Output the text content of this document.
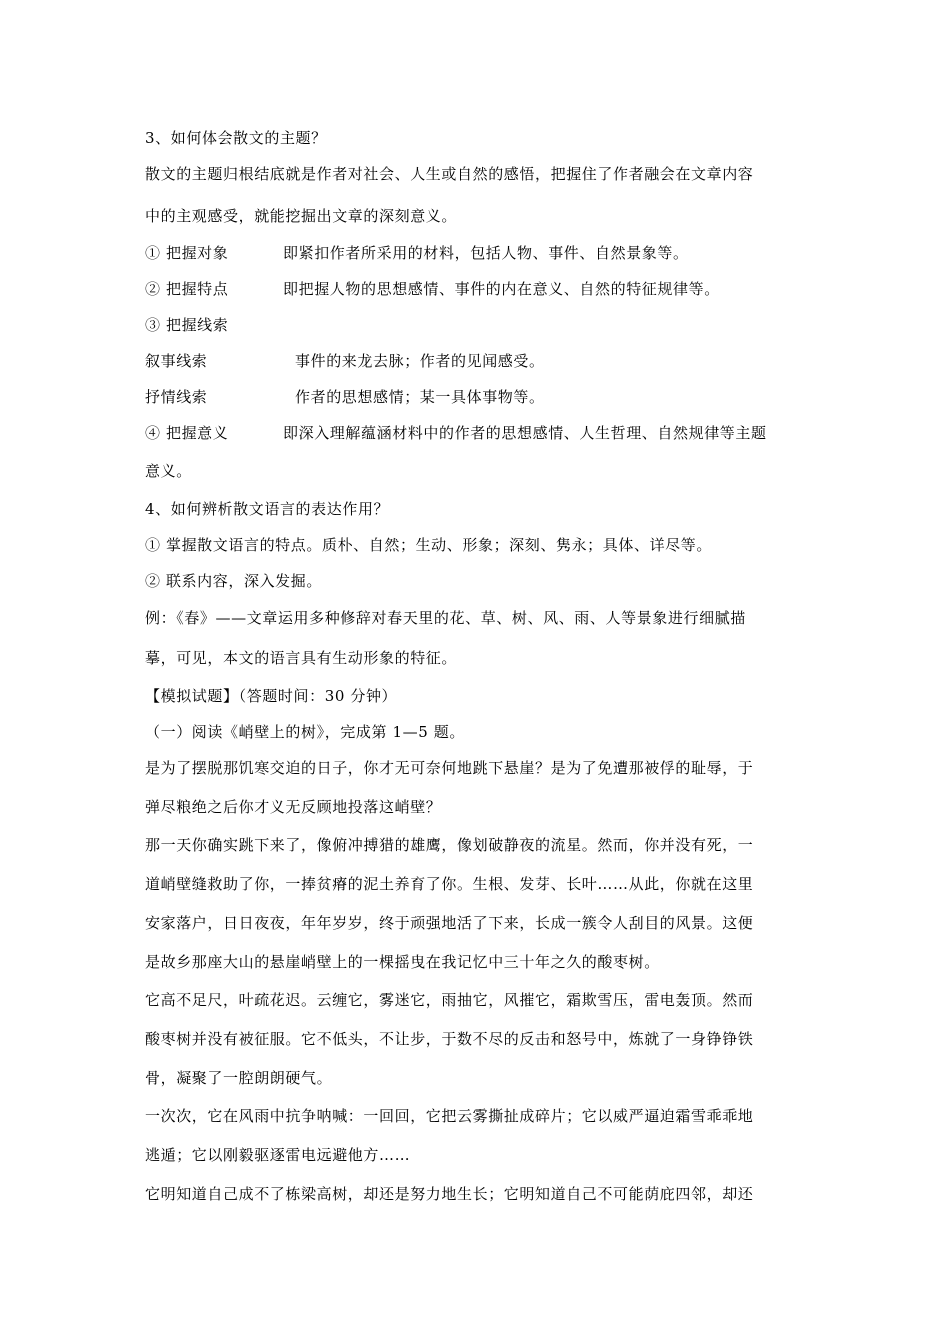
3、如何体会散文的主题？
散文的主题归根结底就是作者对社会、人生或自然的感悟，把握住了作者融会在文章内容
中的主观感受，就能挖掘出文章的深刻意义。
① 把握对象	即紧扣作者所采用的材料，包括人物、事件、自然景象等。
② 把握特点	即把握人物的思想感情、事件的内在意义、自然的特征规律等。
③ 把握线索
叙事线索	事件的来龙去脉；作者的见闻感受。
抒情线索	作者的思想感情；某一具体事物等。
④ 把握意义	即深入理解蕴涵材料中的作者的思想感情、人生哲理、自然规律等主题
意义。
4、如何辨析散文语言的表达作用？
① 掌握散文语言的特点。质朴、自然；生动、形象；深刻、隽永；具体、详尽等。
② 联系内容，深入发掘。
例：《春》——文章运用多种修辞对春天里的花、草、树、风、雨、人等景象进行细腻描
摹，可见，本文的语言具有生动形象的特征。
【模拟试题】（答题时间：30 分钟）
（一）阅读《峭壁上的树》，完成第 1—5 题。
是为了摆脱那饥寒交迫的日子，你才无可奈何地跳下悬崖？是为了免遭那被俘的耻辱，于
弹尽粮绝之后你才义无反顾地投落这峭壁？
那一天你确实跳下来了，像俯冲搏猎的雄鹰，像划破静夜的流星。然而，你并没有死，一
道峭壁缝救助了你，一捧贫瘠的泥土养育了你。生根、发芽、长叶……从此，你就在这里
安家落户，日日夜夜，年年岁岁，终于顽强地活了下来，长成一簇令人刮目的风景。这便
是故乡那座大山的悬崖峭壁上的一棵摇曳在我记忆中三十年之久的酸枣树。
它高不足尺，叶疏花迟。云缠它，雾迷它，雨抽它，风摧它，霜欺雪压，雷电轰顶。然而
酸枣树并没有被征服。它不低头，不让步，于数不尽的反击和怒号中，炼就了一身铮铮铁
骨，凝聚了一腔朗朗硬气。
一次次，它在风雨中抗争呐喊：一回回，它把云雾撕扯成碎片；它以威严逼迫霜雪乖乖地
逃遁；它以刚毅驱逐雷电远避他方……
它明知道自己成不了栋梁高树，却还是努力地生长；它明知道自己不可能荫庇四邻，却还
